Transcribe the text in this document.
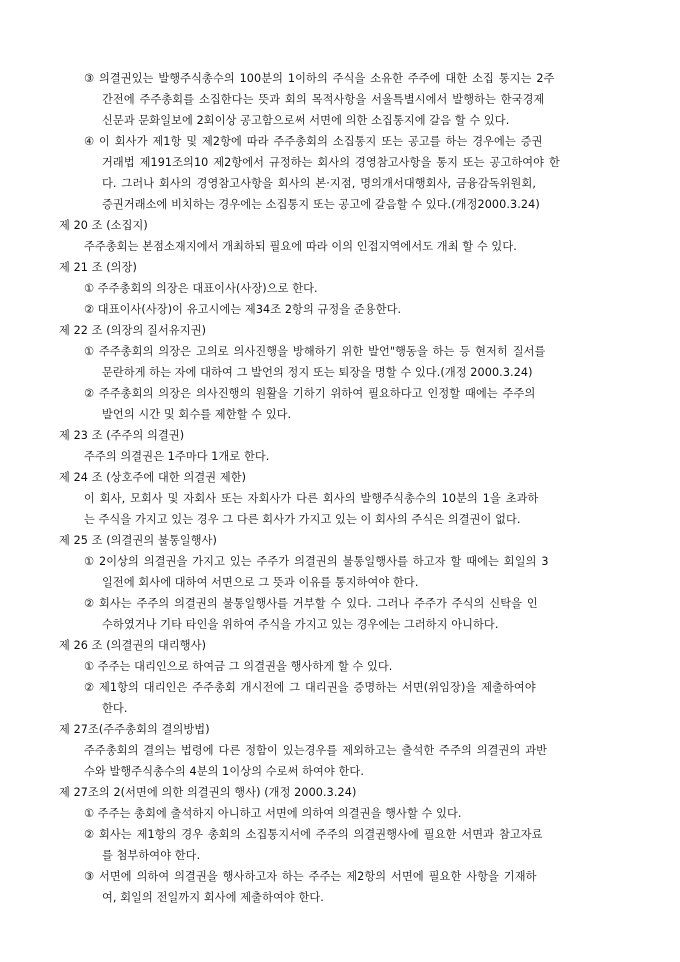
③ 의결권있는 발행주식총수의 100분의 1이하의 주식을 소유한 주주에 대한 소집 통지는 2주
간전에 주주총회를 소집한다는 뜻과 회의 목적사항을 서울특별시에서 발행하는 한국경제
신문과 문화일보에 2회이상 공고함으로써 서면에 의한 소집통지에 갈음 할 수 있다.
④ 이 회사가 제1항 및 제2항에 따라 주주총회의 소집통지 또는 공고를 하는 경우에는 증권
거래법 제191조의10 제2항에서 규정하는 회사의 경영참고사항을 통지 또는 공고하여야 한
다. 그러나 회사의 경영참고사항을 회사의 본·지점, 명의개서대행회사, 금융감독위원회,
증권거래소에 비치하는 경우에는 소집통지 또는 공고에 갈음할 수 있다.(개정2000.3.24)
제 20 조 (소집지)
주주총회는 본점소재지에서 개최하되 필요에 따라 이의 인접지역에서도 개최 할 수 있다.
제 21 조 (의장)
① 주주총회의 의장은 대표이사(사장)으로 한다.
② 대표이사(사장)이 유고시에는 제34조 2항의 규정을 준용한다.
제 22 조 (의장의 질서유지권)
① 주주총회의 의장은 고의로 의사진행을 방해하기 위한 발언"행동을 하는 등 현저히 질서를
문란하게 하는 자에 대하여 그 발언의 정지 또는 퇴장을 명할 수 있다.(개정 2000.3.24)
② 주주총회의 의장은 의사진행의 원활을 기하기 위하여 필요하다고 인정할 때에는 주주의
발언의 시간 및 회수를 제한할 수 있다.
제 23 조 (주주의 의결권)
주주의 의결권은 1주마다 1개로 한다.
제 24 조 (상호주에 대한 의결권 제한)
이 회사, 모회사 및 자회사 또는 자회사가 다른 회사의 발행주식총수의 10분의 1을 초과하
는 주식을 가지고 있는 경우 그 다른 회사가 가지고 있는 이 회사의 주식은 의결권이 없다.
제 25 조 (의결권의 불통일행사)
① 2이상의 의결권을 가지고 있는 주주가 의결권의 불통일행사를 하고자 할 때에는 회일의 3
일전에 회사에 대하여 서면으로 그 뜻과 이유를 통지하여야 한다.
② 회사는 주주의 의결권의 불통일행사를 거부할 수 있다. 그러나 주주가 주식의 신탁을 인
수하였거나 기타 타인을 위하여 주식을 가지고 있는 경우에는 그러하지 아니하다.
제 26 조 (의결권의 대리행사)
① 주주는 대리인으로 하여금 그 의결권을 행사하게 할 수 있다.
② 제1항의 대리인은 주주총회 개시전에 그 대리권을 증명하는 서면(위임장)을 제출하여야
한다.
제 27조(주주총회의 결의방법)
주주총회의 결의는 법령에 다른 정함이 있는경우를 제외하고는 출석한 주주의 의결권의 과반
수와 발행주식총수의 4분의 1이상의 수로써 하여야 한다.
제 27조의 2(서면에 의한 의결권의 행사) (개정 2000.3.24)
① 주주는 총회에 출석하지 아니하고 서면에 의하여 의결권을 행사할 수 있다.
② 회사는 제1항의 경우 총회의 소집통지서에 주주의 의결권행사에 필요한 서면과 참고자료
를 첨부하여야 한다.
③ 서면에 의하여 의결권을 행사하고자 하는 주주는 제2항의 서면에 필요한 사항을 기재하
여, 회일의 전일까지 회사에 제출하여야 한다.
